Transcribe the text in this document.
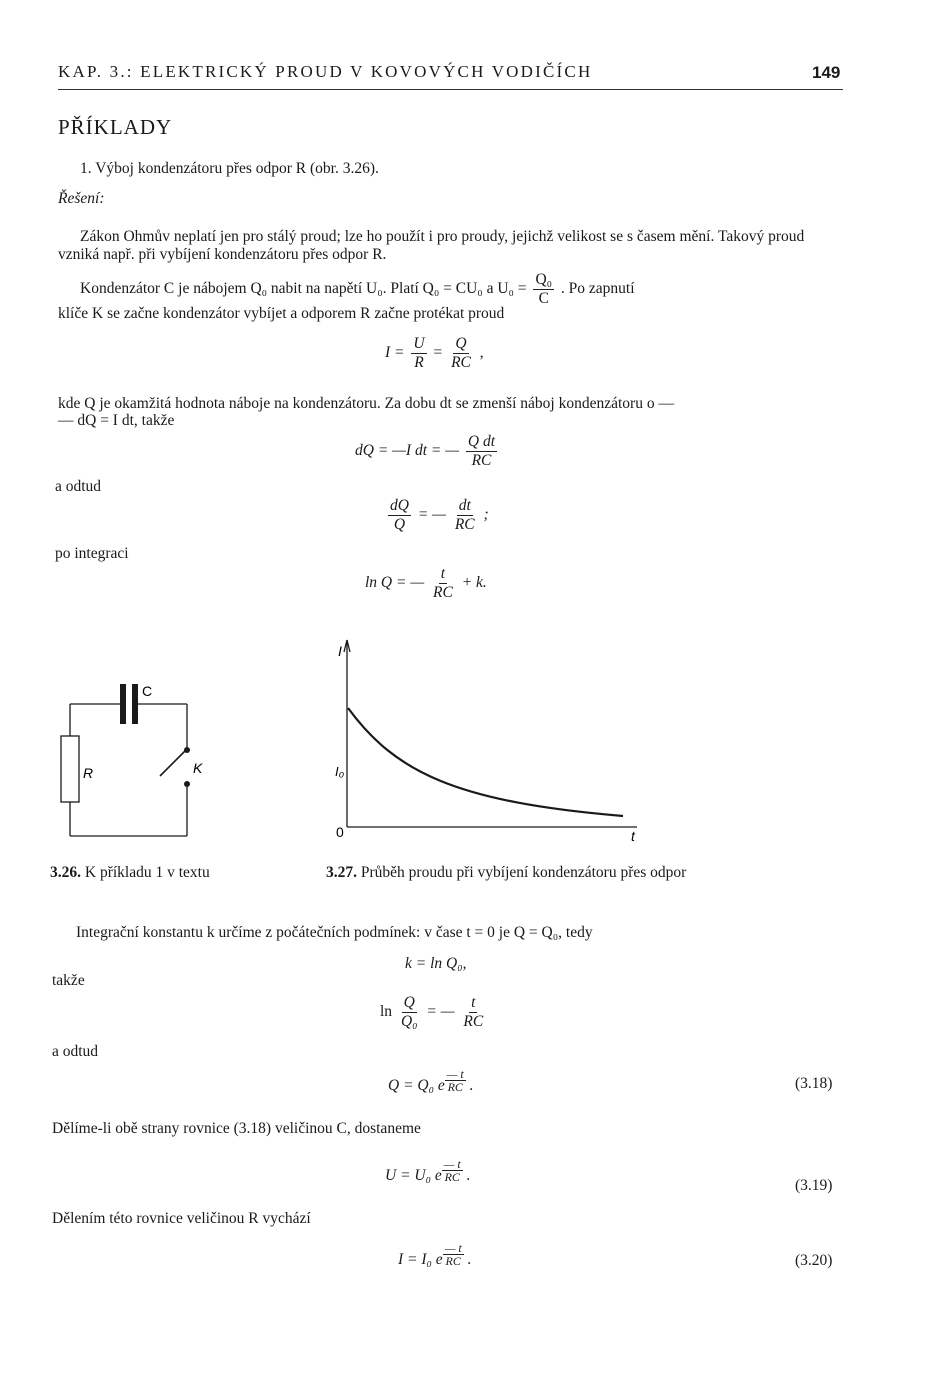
KAP. 3.: ELEKTRICKÝ PROUD V KOVOVÝCH VODIČÍCH	149
PŘÍKLADY
1. Výboj kondenzátoru přes odpor R (obr. 3.26).
Řešení:
Zákon Ohmův neplatí jen pro stálý proud; lze ho použít i pro proudy, jejichž velikost se s časem mění. Takový proud vzniká např. při vybíjení kondenzátoru přes odpor R.
Kondenzátor C je nábojem Q₀ nabit na napětí U₀. Platí Q₀ = CU₀ a $U_0 = \frac{\text{Q₀}}{C}$ . Po zapnutí
klíče K se začne kondenzátor vybíjet a odporem R začne protékat proud
$I = \frac{U}{R} = \frac{Q}{RC}$ ,
kde Q je okamžitá hodnota náboje na kondenzátoru. Za dobu dt se zmenší náboj kondenzátoru o —
— dQ = I dt, takže
dQ = —I dt = — $\frac{\text{Q dt}}{RC}$
a odtud
$\frac{dQ}{Q}$ = — $\frac{dt}{RC}$ ;
po integraci
ln Q = — $\frac{t}{RC} + k$.
C
R	K
I
I₀
0	t
3.26. K příkladu 1 v textu	3.27. Průběh proudu při vybíjení kondenzátoru přes odpor
Integrační konstantu k určíme z počátečních podmínek: v čase t = 0 je Q = Q₀, tedy
k = ln Q₀,
takže
$\ln \frac{Q}{\text{Q₀}}$ = — $\frac{t}{RC}$
a odtud
Q = Q₀ e $\frac{— t}{RC}$ .	(3.18)
Dělíme-li obě strany rovnice (3.18) veličinou C, dostaneme
U = U₀ e $\frac{— t}{RC}$ .
(3.19)
Dělením této rovnice veličinou R vychází
I = I₀ e $\frac{— t}{RC}$ .	(3.20)
